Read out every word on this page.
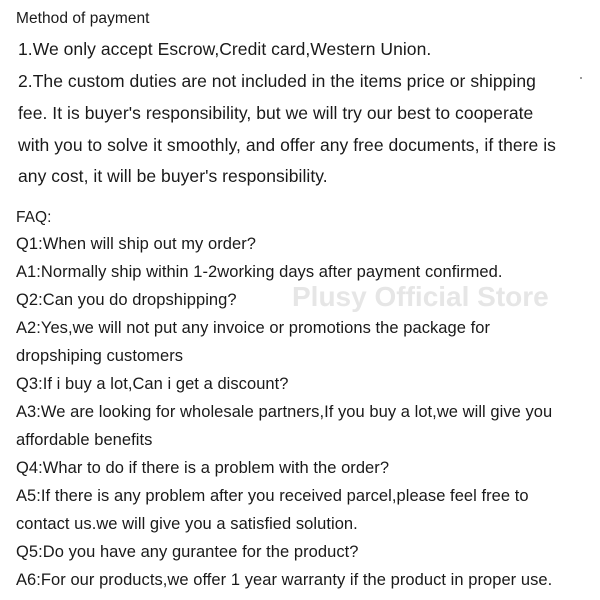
Plusy Official Store
Method of payment
1.We only accept Escrow,Credit card,Western Union.
2.The custom duties are not included in the items price or shipping
fee. It is buyer's responsibility, but we will try our best to cooperate
with you to solve it smoothly, and offer any free documents, if there is
any cost, it will be buyer's responsibility.
FAQ:
Q1:When will ship out my order?
A1:Normally ship within 1-2working days after payment confirmed.
Q2:Can you do dropshipping?
A2:Yes,we will not put any invoice or promotions the package for
dropshiping customers
Q3:If i buy a lot,Can i get a discount?
A3:We are looking for wholesale partners,If you buy a lot,we will give you
affordable benefits
Q4:Whar to do if there is a problem with the order?
A5:If there is any problem after you received parcel,please feel free to
contact us.we will give you a satisfied solution.
Q5:Do you have any gurantee for the product?
A6:For our products,we offer 1 year warranty if the product in proper use.
